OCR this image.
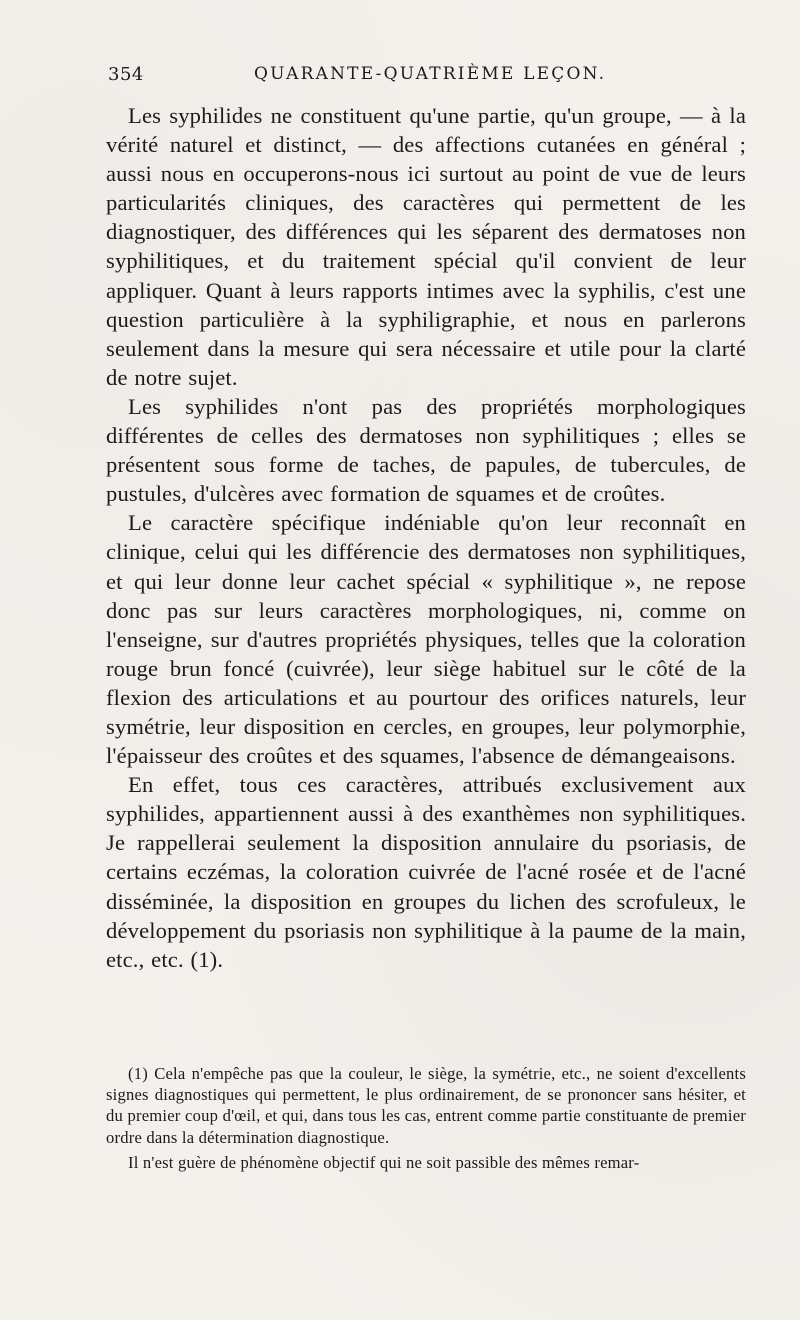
354	QUARANTE-QUATRIÈME LEÇON.

Les syphilides ne constituent qu'une partie, qu'un groupe, — à la vérité naturel et distinct, — des affections cutanées en général ; aussi nous en occuperons-nous ici surtout au point de vue de leurs particularités cliniques, des caractères qui permettent de les diagnostiquer, des différences qui les séparent des dermatoses non syphilitiques, et du traitement spécial qu'il convient de leur appliquer. Quant à leurs rapports intimes avec la syphilis, c'est une question particulière à la syphiligraphie, et nous en parlerons seulement dans la mesure qui sera nécessaire et utile pour la clarté de notre sujet.

Les syphilides n'ont pas des propriétés morphologiques différentes de celles des dermatoses non syphilitiques ; elles se présentent sous forme de taches, de papules, de tubercules, de pustules, d'ulcères avec formation de squames et de croûtes.

Le caractère spécifique indéniable qu'on leur reconnaît en clinique, celui qui les différencie des dermatoses non syphilitiques, et qui leur donne leur cachet spécial « syphilitique », ne repose donc pas sur leurs caractères morphologiques, ni, comme on l'enseigne, sur d'autres propriétés physiques, telles que la coloration rouge brun foncé (cuivrée), leur siège habituel sur le côté de la flexion des articulations et au pourtour des orifices naturels, leur symétrie, leur disposition en cercles, en groupes, leur polymorphie, l'épaisseur des croûtes et des squames, l'absence de démangeaisons.

En effet, tous ces caractères, attribués exclusivement aux syphilides, appartiennent aussi à des exanthèmes non syphilitiques. Je rappellerai seulement la disposition annulaire du psoriasis, de certains eczémas, la coloration cuivrée de l'acné rosée et de l'acné disséminée, la disposition en groupes du lichen des scrofuleux, le développement du psoriasis non syphilitique à la paume de la main, etc., etc. (1).

(1) Cela n'empêche pas que la couleur, le siège, la symétrie, etc., ne soient d'excellents signes diagnostiques qui permettent, le plus ordinairement, de se prononcer sans hésiter, et du premier coup d'œil, et qui, dans tous les cas, entrent comme partie constituante de premier ordre dans la détermination diagnostique.

Il n'est guère de phénomène objectif qui ne soit passible des mêmes remar-
